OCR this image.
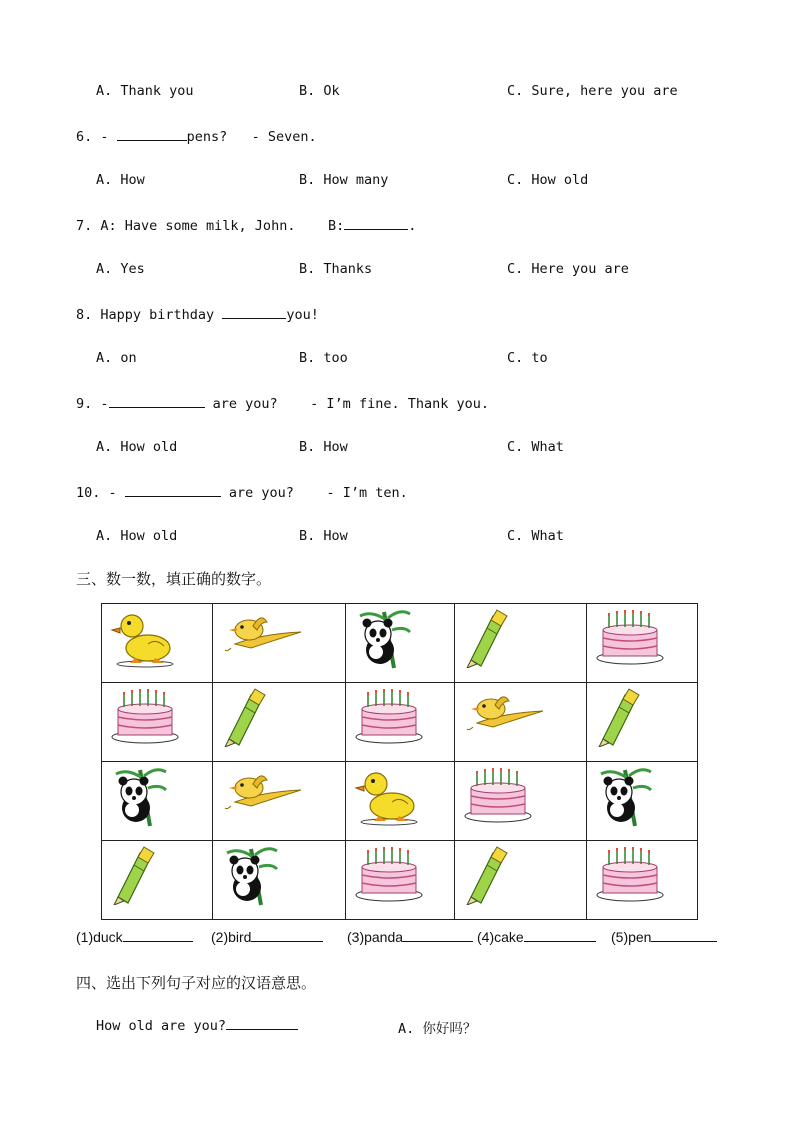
A. Thank you	B. Ok	C. Sure, here you are
6. -	pens?   - Seven.
A. How	B. How many	C. How old
7. A: Have some milk, John.    B:	.
A. Yes	B. Thanks	C. Here you are
8. Happy birthday	you!
A. on	B. too	C. to
9. -	are you?    - I’m fine. Thank you.
A. How old	B. How	C. What
10. -	are you?    - I’m ten.
A. How old	B. How	C. What
三、数一数，填正确的数字。

(1)duck	(2)bird	(3)panda	(4)cake	(5)pen
四、选出下列句子对应的汉语意思。
How old are you?	A. 你好吗？
